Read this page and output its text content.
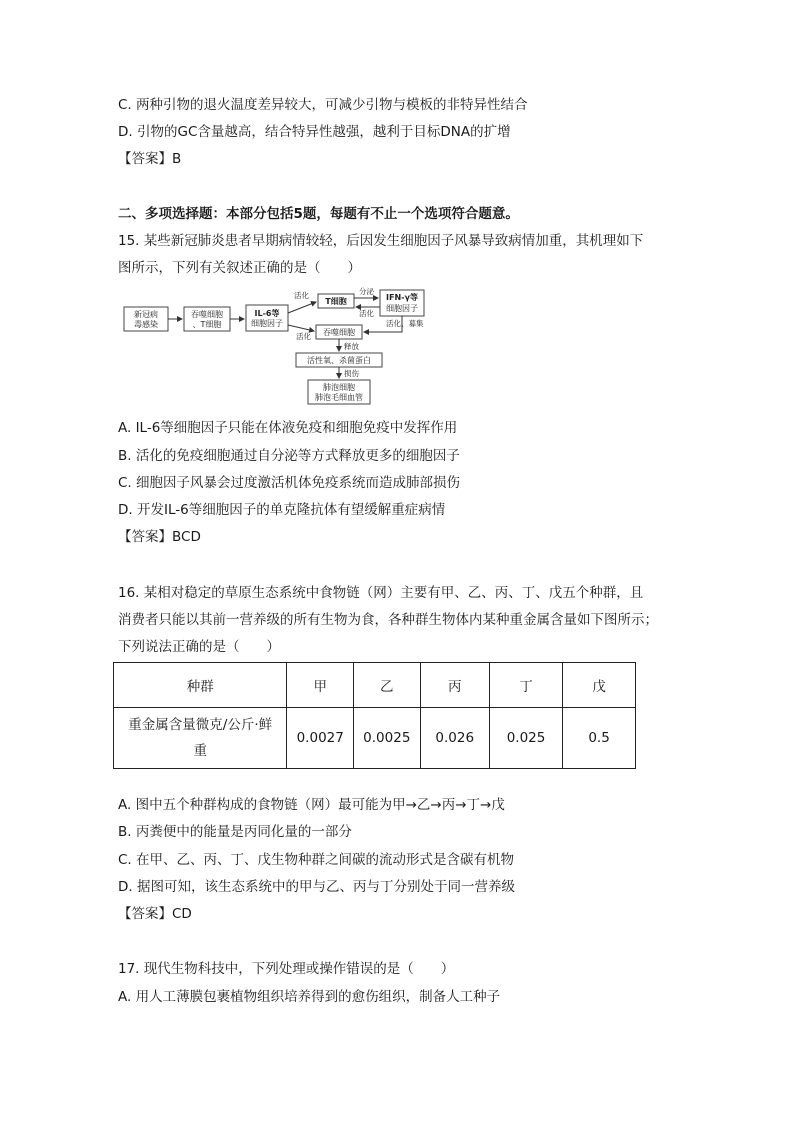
C. 两种引物的退火温度差异较大，可减少引物与模板的非特异性结合
D. 引物的GC含量越高，结合特异性越强，越利于目标DNA的扩增
【答案】B
二、多项选择题：本部分包括5题，每题有不止一个选项符合题意。
15. 某些新冠肺炎患者早期病情较轻，后因发生细胞因子风暴导致病情加重，其机理如下
图所示，下列有关叙述正确的是（　　）
新冠病
毒感染
吞噬细胞
、T细胞
IL-6等
细胞因子
T细胞	IFN-γ等
细胞因子
吞噬细胞
活性氧、杀菌蛋白
肺泡细胞
肺泡毛细血管
活化	分泌
活化
活化
活化、募集
释放
损伤
A. IL-6等细胞因子只能在体液免疫和细胞免疫中发挥作用
B. 活化的免疫细胞通过自分泌等方式释放更多的细胞因子
C. 细胞因子风暴会过度激活机体免疫系统而造成肺部损伤
D. 开发IL-6等细胞因子的单克隆抗体有望缓解重症病情
【答案】BCD
16. 某相对稳定的草原生态系统中食物链（网）主要有甲、乙、丙、丁、戊五个种群，且
消费者只能以其前一营养级的所有生物为食，各种群生物体内某种重金属含量如下图所示；
下列说法正确的是（　　）
种群	甲	乙	丙	丁	戊
重金属含量微克/公斤·鲜
重	0.0027	0.0025	0.026	0.025	0.5
A. 图中五个种群构成的食物链（网）最可能为甲→乙→丙→丁→戊
B. 丙粪便中的能量是丙同化量的一部分
C. 在甲、乙、丙、丁、戊生物种群之间碳的流动形式是含碳有机物
D. 据图可知，该生态系统中的甲与乙、丙与丁分别处于同一营养级
【答案】CD
17. 现代生物科技中，下列处理或操作错误的是（　　）
A. 用人工薄膜包裹植物组织培养得到的愈伤组织，制备人工种子
